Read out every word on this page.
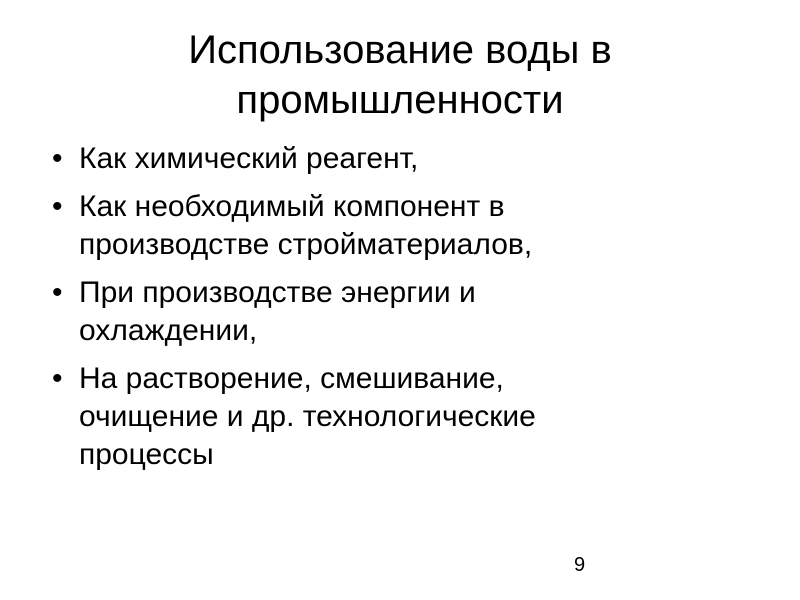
Использование воды в
промышленности
• Как химический реагент,
• Как необходимый компонент в
производстве стройматериалов,
• При производстве энергии и
охлаждении,
• На растворение, смешивание,
очищение и др. технологические
процессы
9
